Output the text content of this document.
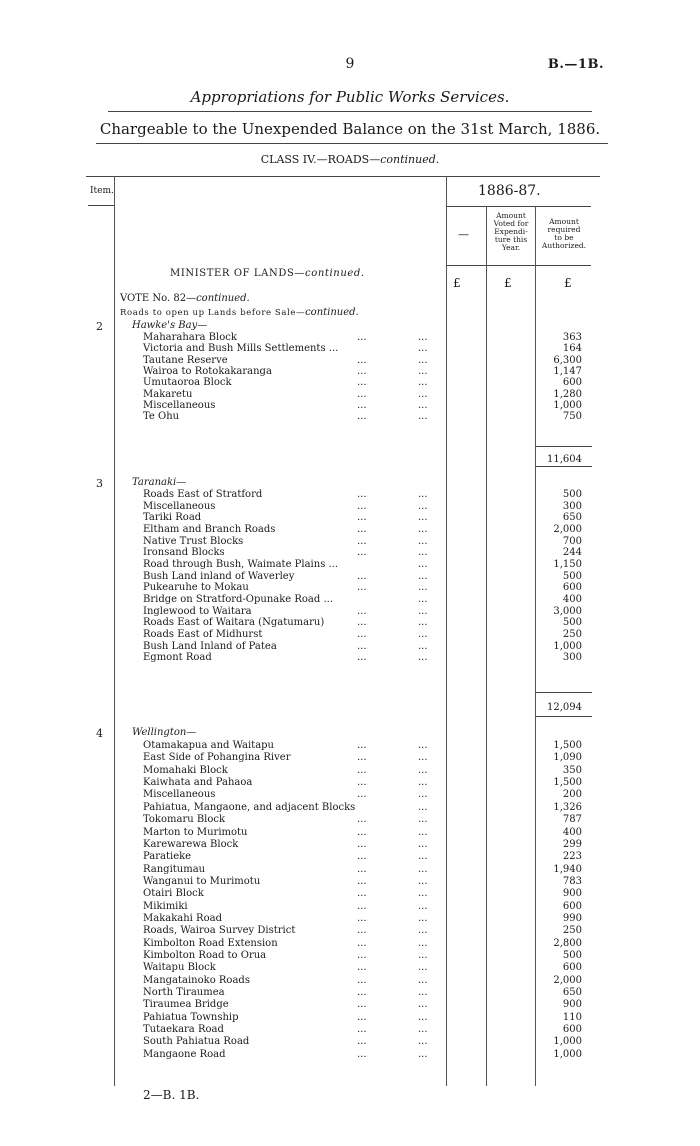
9	B.—1B.
Appropriations for Public Works Services.
Chargeable to the Unexpended Balance on the 31st March, 1886.
CLASS IV.—ROADS—continued.
Item.	1886-87.
—
Amount
Voted for
Expendi-
ture this
Year.
Amount
required
to be
Authorized.
£	£	£
MINISTER OF LANDS—continued.
VOTE No. 82—continued.
Roads to open up Lands before Sale—continued.
2	Hawke's Bay—
Maharahara Block	...	...	363
Victoria and Bush Mills Settlements ...	...	164
Tautane Reserve	...	...	6,300
Wairoa to Rotokakaranga	...	...	1,147
Umutaoroa Block	...	...	600
Makaretu	...	...	1,280
Miscellaneous	...	...	1,000
Te Ohu	...	...	750
11,604
3	Taranaki—
Roads East of Stratford	...	...	500
Miscellaneous	...	...	300
Tariki Road	...	...	650
Eltham and Branch Roads	...	...	2,000
Native Trust Blocks	...	...	700
Ironsand Blocks	...	...	244
Road through Bush, Waimate Plains ...	...	1,150
Bush Land inland of Waverley	...	...	500
Pukearuhe to Mokau	...	...	600
Bridge on Stratford-Opunake Road ...	...	400
Inglewood to Waitara	...	...	3,000
Roads East of Waitara (Ngatumaru)	...	...	500
Roads East of Midhurst	...	...	250
Bush Land Inland of Patea	...	...	1,000
Egmont Road	...	...	300
12,094
4	Wellington—
Otamakapua and Waitapu	...	...	1,500
East Side of Pohangina River	...	...	1,090
Momahaki Block	...	...	350
Kaiwhata and Pahaoa	...	...	1,500
Miscellaneous	...	...	200
Pahiatua, Mangaone, and adjacent Blocks	...	1,326
Tokomaru Block	...	...	787
Marton to Murimotu	...	...	400
Karewarewa Block	...	...	299
Paratieke	...	...	223
Rangitumau	...	...	1,940
Wanganui to Murimotu	...	...	783
Otairi Block	...	...	900
Mikimiki	...	...	600
Makakahi Road	...	...	990
Roads, Wairoa Survey District	...	...	250
Kimbolton Road Extension	...	...	2,800
Kimbolton Road to Orua	...	...	500
Waitapu Block	...	...	600
Mangatainoko Roads	...	...	2,000
North Tiraumea	...	...	650
Tiraumea Bridge	...	...	900
Pahiatua Township	...	...	110
Tutaekara Road	...	...	600
South Pahiatua Road	...	...	1,000
Mangaone Road	...	...	1,000
2—B. 1B.
